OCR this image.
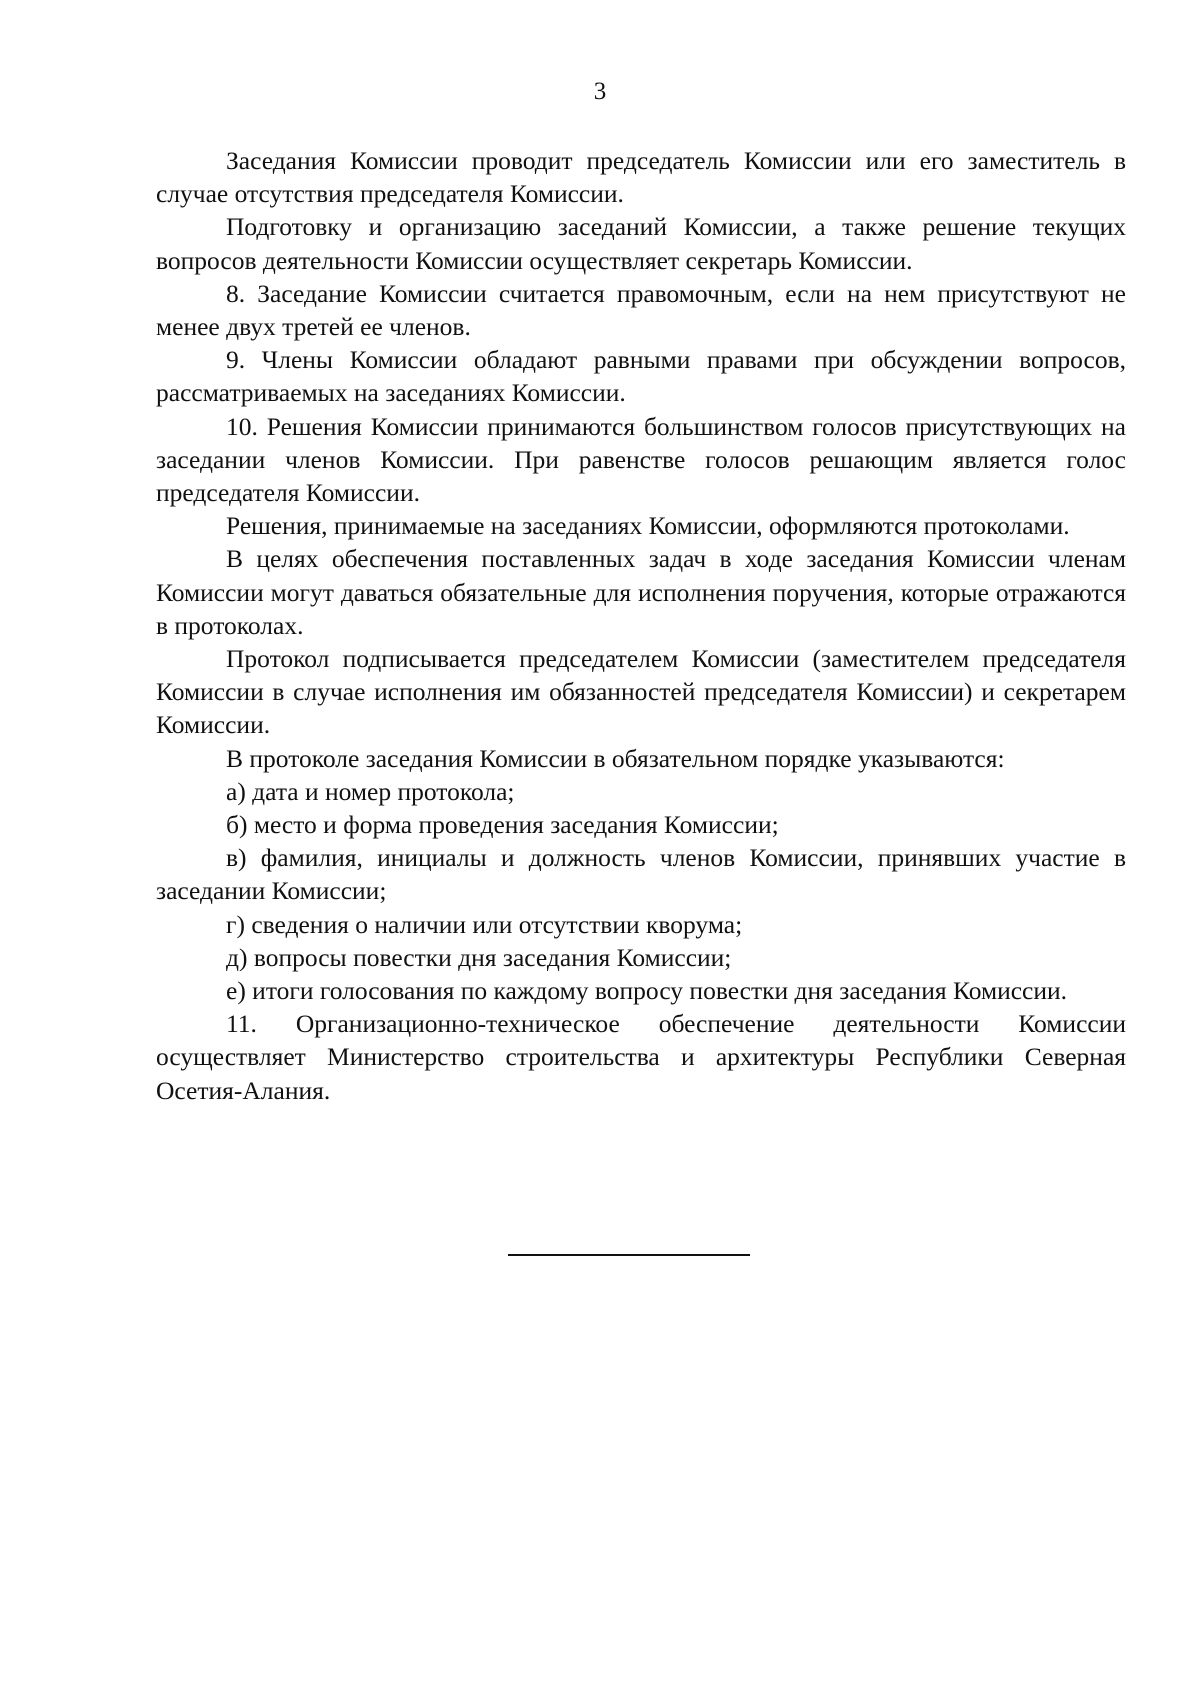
3

Заседания Комиссии проводит председатель Комиссии или его заместитель в случае отсутствия председателя Комиссии.

Подготовку и организацию заседаний Комиссии, а также решение текущих вопросов деятельности Комиссии осуществляет секретарь Комиссии.

8. Заседание Комиссии считается правомочным, если на нем присутствуют не менее двух третей ее членов.

9. Члены Комиссии обладают равными правами при обсуждении вопросов, рассматриваемых на заседаниях Комиссии.

10. Решения Комиссии принимаются большинством голосов присутствующих на заседании членов Комиссии. При равенстве голосов решающим является голос председателя Комиссии.

Решения, принимаемые на заседаниях Комиссии, оформляются протоколами.

В целях обеспечения поставленных задач в ходе заседания Комиссии членам Комиссии могут даваться обязательные для исполнения поручения, которые отражаются в протоколах.

Протокол подписывается председателем Комиссии (заместителем председателя Комиссии в случае исполнения им обязанностей председателя Комиссии) и секретарем Комиссии.

В протоколе заседания Комиссии в обязательном порядке указываются:

а) дата и номер протокола;

б) место и форма проведения заседания Комиссии;

в) фамилия, инициалы и должность членов Комиссии, принявших участие в заседании Комиссии;

г) сведения о наличии или отсутствии кворума;

д) вопросы повестки дня заседания Комиссии;

е) итоги голосования по каждому вопросу повестки дня заседания Комиссии.

11. Организационно-техническое обеспечение деятельности Комиссии осуществляет Министерство строительства и архитектуры Республики Северная Осетия-Алания.
